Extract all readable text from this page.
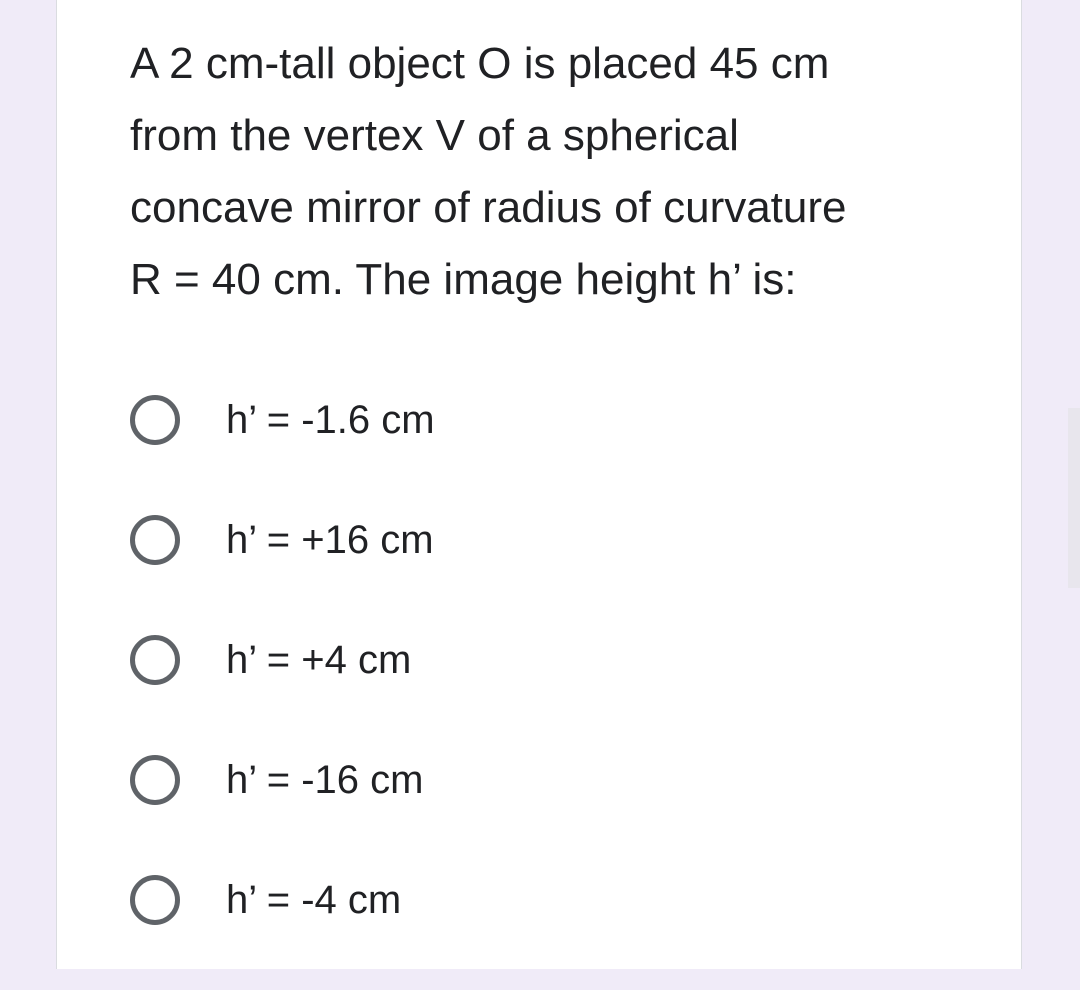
A 2 cm-tall object O is placed 45 cm
from the vertex V of a spherical
concave mirror of radius of curvature
R = 40 cm. The image height h’ is:

h’ = -1.6 cm
h’ = +16 cm
h’ = +4 cm
h’ = -16 cm
h’ = -4 cm
